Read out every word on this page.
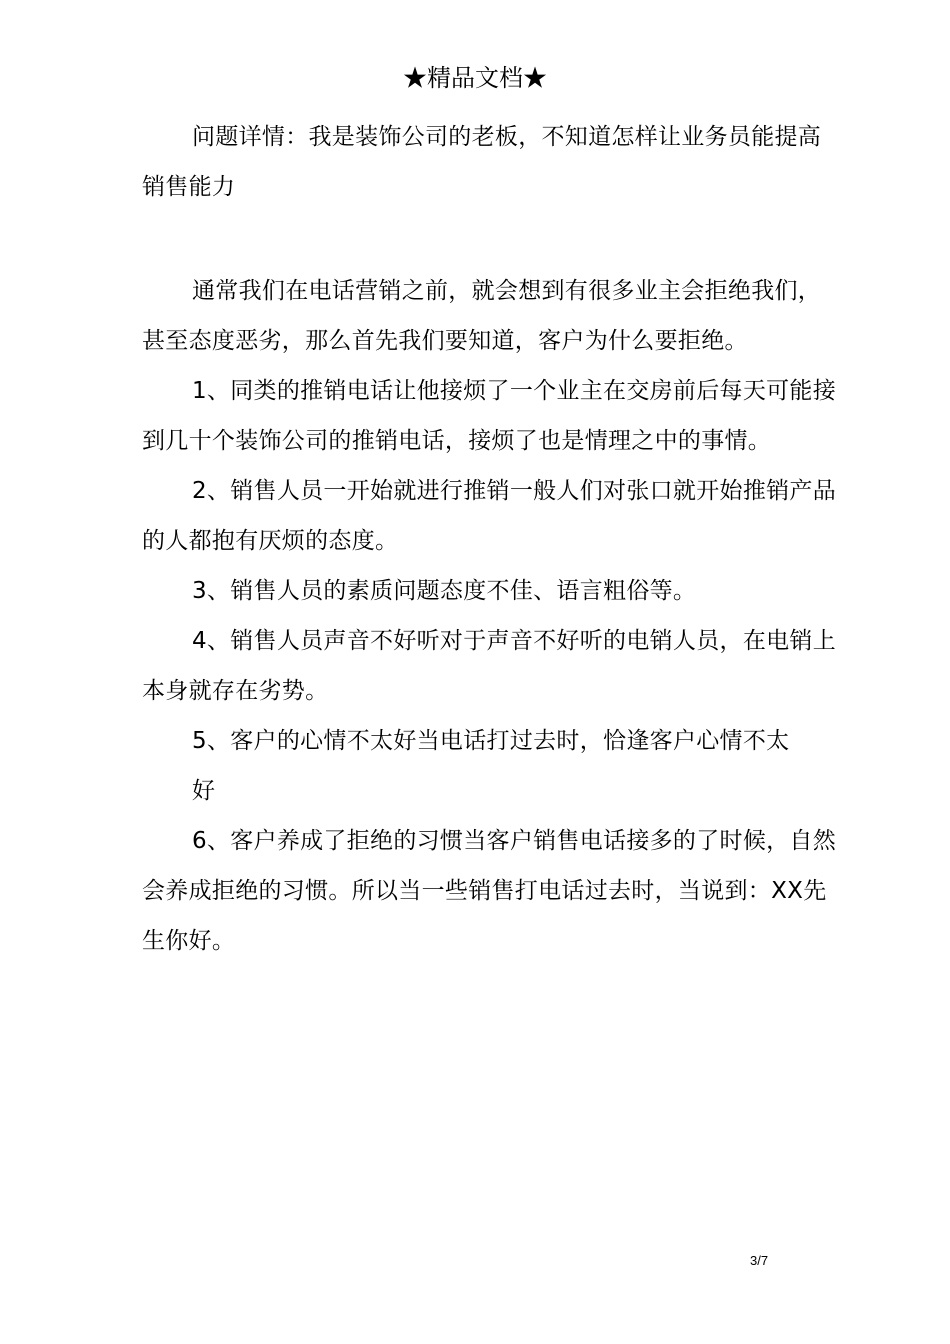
★精品文档★

问题详情：我是装饰公司的老板，不知道怎样让业务员能提高销售能力

通常我们在电话营销之前，就会想到有很多业主会拒绝我们，甚至态度恶劣，那么首先我们要知道，客户为什么要拒绝。

1、同类的推销电话让他接烦了一个业主在交房前后每天可能接到几十个装饰公司的推销电话，接烦了也是情理之中的事情。

2、销售人员一开始就进行推销一般人们对张口就开始推销产品的人都抱有厌烦的态度。

3、销售人员的素质问题态度不佳、语言粗俗等。

4、销售人员声音不好听对于声音不好听的电销人员，在电销上本身就存在劣势。

5、客户的心情不太好当电话打过去时，恰逢客户心情不太
好

6、客户养成了拒绝的习惯当客户销售电话接多的了时候，自然会养成拒绝的习惯。所以当一些销售打电话过去时，当说到：XX先生你好。

3/7
